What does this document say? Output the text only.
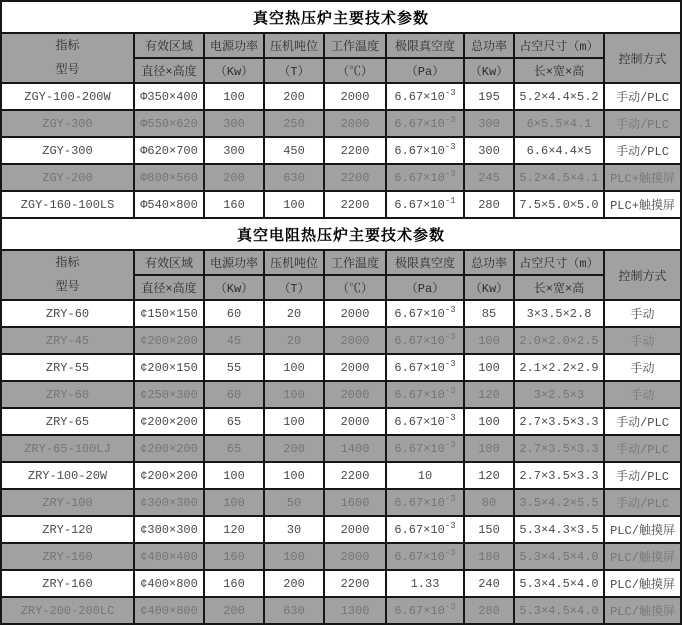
真空热压炉主要技术参数								

指标
型号	有效区域	电源功率	压机吨位	工作温度	极限真空度	总功率	占空尺寸（m）	控制方式
	直径×高度	（Kw）	（T）	（℃）	（Pa）	（Kw）	长×宽×高	
ZGY-100-200W	Φ350×400	100	200	2000	$6.67\times 10^{-3}$	195	5.2×4.4×5.2	手动/PLC
ZGY-300	Φ550×620	300	250	2000	$6.67\times 10^{-3}$	300	6×5.5×4.1	手动/PLC
ZGY-300	Φ620×700	300	450	2200	$6.67\times 10^{-3}$	300	6.6×4.4×5	手动/PLC
ZGY-200	Φ800×560	200	630	2200	$6.67\times 10^{-3}$	245	5.2×4.5×4.1	PLC+触摸屏
ZGY-160-100LS	Φ540×800	160	100	2200	$6.67\times 10^{-1}$	280	7.5×5.0×5.0	PLC+触摸屏
真空电阻热压炉主要技术参数								

指标
型号	有效区域	电源功率	压机吨位	工作温度	极限真空度	总功率	占空尺寸（m）	控制方式
	直径×高度	（Kw）	（T）	（℃）	（Pa）	（Kw）	长×宽×高	
ZRY-60	¢150×150	60	20	2000	$6.67\times 10^{-3}$	85	3×3.5×2.8	手动
ZRY-45	¢200×200	45	20	2000	$6.67\times 10^{-3}$	100	2.0×2.0×2.5	手动
ZRY-55	¢200×150	55	100	2000	$6.67\times 10^{-3}$	100	2.1×2.2×2.9	手动
ZRY-60	¢250×300	60	100	2000	$6.67\times 10^{-3}$	120	3×2.5×3	手动
ZRY-65	¢200×200	65	100	2000	$6.67\times 10^{-3}$	100	2.7×3.5×3.3	手动/PLC
ZRY-65-100LJ	¢200×200	65	200	1400	$6.67\times 10^{-3}$	100	2.7×3.5×3.3	手动/PLC
ZRY-100-20W	¢200×200	100	100	2200	10	120	2.7×3.5×3.3	手动/PLC
ZRY-100	¢300×300	100	50	1600	$6.67\times 10^{-3}$	80	3.5×4.2×5.5	手动/PLC
ZRY-120	¢300×300	120	30	2000	$6.67\times 10^{-3}$	150	5.3×4.3×3.5	PLC/触摸屏
ZRY-160	¢400×400	160	100	2000	$6.67\times 10^{-3}$	180	5.3×4.5×4.0	PLC/触摸屏
ZRY-160	¢400×800	160	200	2200	1.33	240	5.3×4.5×4.0	PLC/触摸屏
ZRY-200-200LC	¢400×800	200	630	1300	$6.67\times 10^{-3}$	280	5.3×4.5×4.0	PLC/触摸屏
